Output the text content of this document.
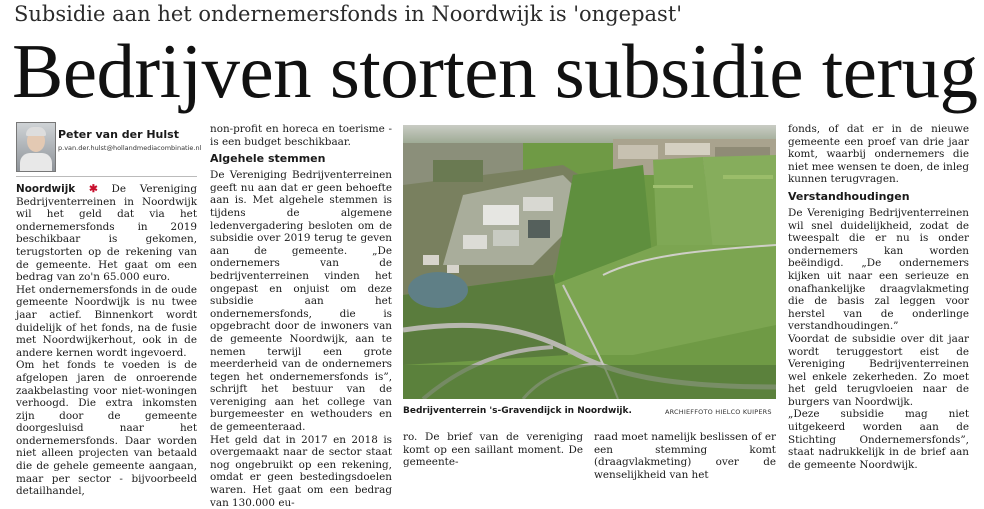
Subsidie aan het ondernemersfonds in Noordwijk is 'ongepast'
Bedrijven storten subsidie terug
Peter van der Hulst
p.van.der.hulst@hollandmediacombinatie.nl

Noordwijk ✱ De Vereniging Bedrijventerreinen in Noordwijk wil het geld dat via het ondernemersfonds in 2019 beschikbaar is gekomen, terugstorten op de rekening van de gemeente. Het gaat om een bedrag van zo'n 65.000 euro.

Het ondernemersfonds in de oude gemeente Noordwijk is nu twee jaar actief. Binnenkort wordt duidelijk of het fonds, na de fusie met Noordwijkerhout, ook in de andere kernen wordt ingevoerd.

Om het fonds te voeden is de afgelopen jaren de onroerende zaakbelasting voor niet-woningen verhoogd. Die extra inkomsten zijn door de gemeente doorgesluisd naar het ondernemersfonds. Daar worden niet alleen projecten van betaald die de gehele gemeente aangaan, maar per sector - bijvoorbeeld detailhandel,

non-profit en horeca en toerisme - is een budget beschikbaar.

Algehele stemmen

De Vereniging Bedrijventerreinen geeft nu aan dat er geen behoefte aan is. Met algehele stemmen is tijdens de algemene ledenvergadering besloten om de subsidie over 2019 terug te geven aan de gemeente. „De ondernemers van de bedrijventerreinen vinden het ongepast en onjuist om deze subsidie aan het ondernemersfonds, die is opgebracht door de inwoners van de gemeente Noordwijk, aan te nemen terwijl een grote meerderheid van de ondernemers tegen het ondernemersfonds is”, schrijft het bestuur van de vereniging aan het college van burgemeester en wethouders en de gemeenteraad.

Het geld dat in 2017 en 2018 is overgemaakt naar de sector staat nog ongebruikt op een rekening, omdat er geen bestedingsdoelen waren. Het gaat om een bedrag van 130.000 eu-

Bedrijventerrein 's-Gravendijck in Noordwijk.	ARCHIEFFOTO HIELCO KUIPERS

ro. De brief van de vereniging komt op een saillant moment. De gemeente-

raad moet namelijk beslissen of er een stemming komt (draagvlakmeting) over de wenselijkheid van het

fonds, of dat er in de nieuwe gemeente een proef van drie jaar komt, waarbij ondernemers die niet mee wensen te doen, de inleg kunnen terugvragen.

Verstandhoudingen

De Vereniging Bedrijventerreinen wil snel duidelijkheid, zodat de tweespalt die er nu is onder ondernemers kan worden beëindigd. „De ondernemers kijken uit naar een serieuze en onafhankelijke draagvlakmeting die de basis zal leggen voor herstel van de onderlinge verstandhoudingen.”

Voordat de subsidie over dit jaar wordt teruggestort eist de Vereniging Bedrijventerreinen wel enkele zekerheden. Zo moet het geld terugvloeien naar de burgers van Noordwijk.

„Deze subsidie mag niet uitgekeerd worden aan de Stichting Ondernemersfonds”, staat nadrukkelijk in de brief aan de gemeente Noordwijk.
